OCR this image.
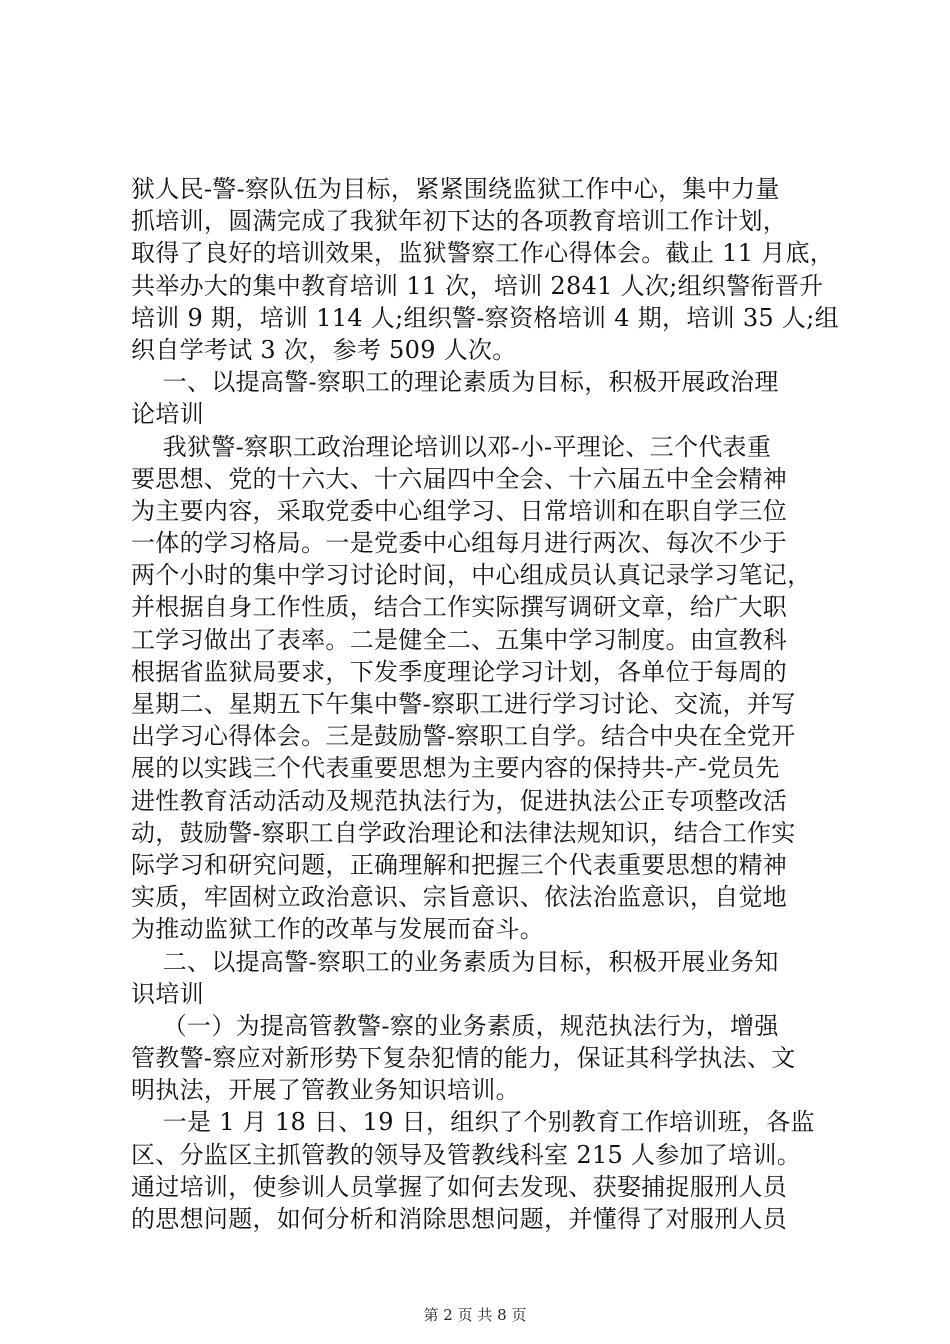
狱人民-警-察队伍为目标，紧紧围绕监狱工作中心，集中力量
抓培训，圆满完成了我狱年初下达的各项教育培训工作计划，
取得了良好的培训效果，监狱警察工作心得体会。截止 11 月底，
共举办大的集中教育培训 11 次，培训 2841 人次;组织警衔晋升
培训 9 期，培训 114 人;组织警-察资格培训 4 期，培训 35 人;组
织自学考试 3 次，参考 509 人次。
一、以提高警-察职工的理论素质为目标，积极开展政治理
论培训
我狱警-察职工政治理论培训以邓-小-平理论、三个代表重
要思想、党的十六大、十六届四中全会、十六届五中全会精神
为主要内容，采取党委中心组学习、日常培训和在职自学三位
一体的学习格局。一是党委中心组每月进行两次、每次不少于
两个小时的集中学习讨论时间，中心组成员认真记录学习笔记，
并根据自身工作性质，结合工作实际撰写调研文章，给广大职
工学习做出了表率。二是健全二、五集中学习制度。由宣教科
根据省监狱局要求，下发季度理论学习计划，各单位于每周的
星期二、星期五下午集中警-察职工进行学习讨论、交流，并写
出学习心得体会。三是鼓励警-察职工自学。结合中央在全党开
展的以实践三个代表重要思想为主要内容的保持共-产-党员先
进性教育活动活动及规范执法行为，促进执法公正专项整改活
动，鼓励警-察职工自学政治理论和法律法规知识，结合工作实
际学习和研究问题，正确理解和把握三个代表重要思想的精神
实质，牢固树立政治意识、宗旨意识、依法治监意识，自觉地
为推动监狱工作的改革与发展而奋斗。
二、以提高警-察职工的业务素质为目标，积极开展业务知
识培训
（一）为提高管教警-察的业务素质，规范执法行为，增强
管教警-察应对新形势下复杂犯情的能力，保证其科学执法、文
明执法，开展了管教业务知识培训。
一是 1 月 18 日、19 日，组织了个别教育工作培训班，各监
区、分监区主抓管教的领导及管教线科室 215 人参加了培训。
通过培训，使参训人员掌握了如何去发现、获娶捕捉服刑人员
的思想问题，如何分析和消除思想问题，并懂得了对服刑人员
第 2 页 共 8 页
